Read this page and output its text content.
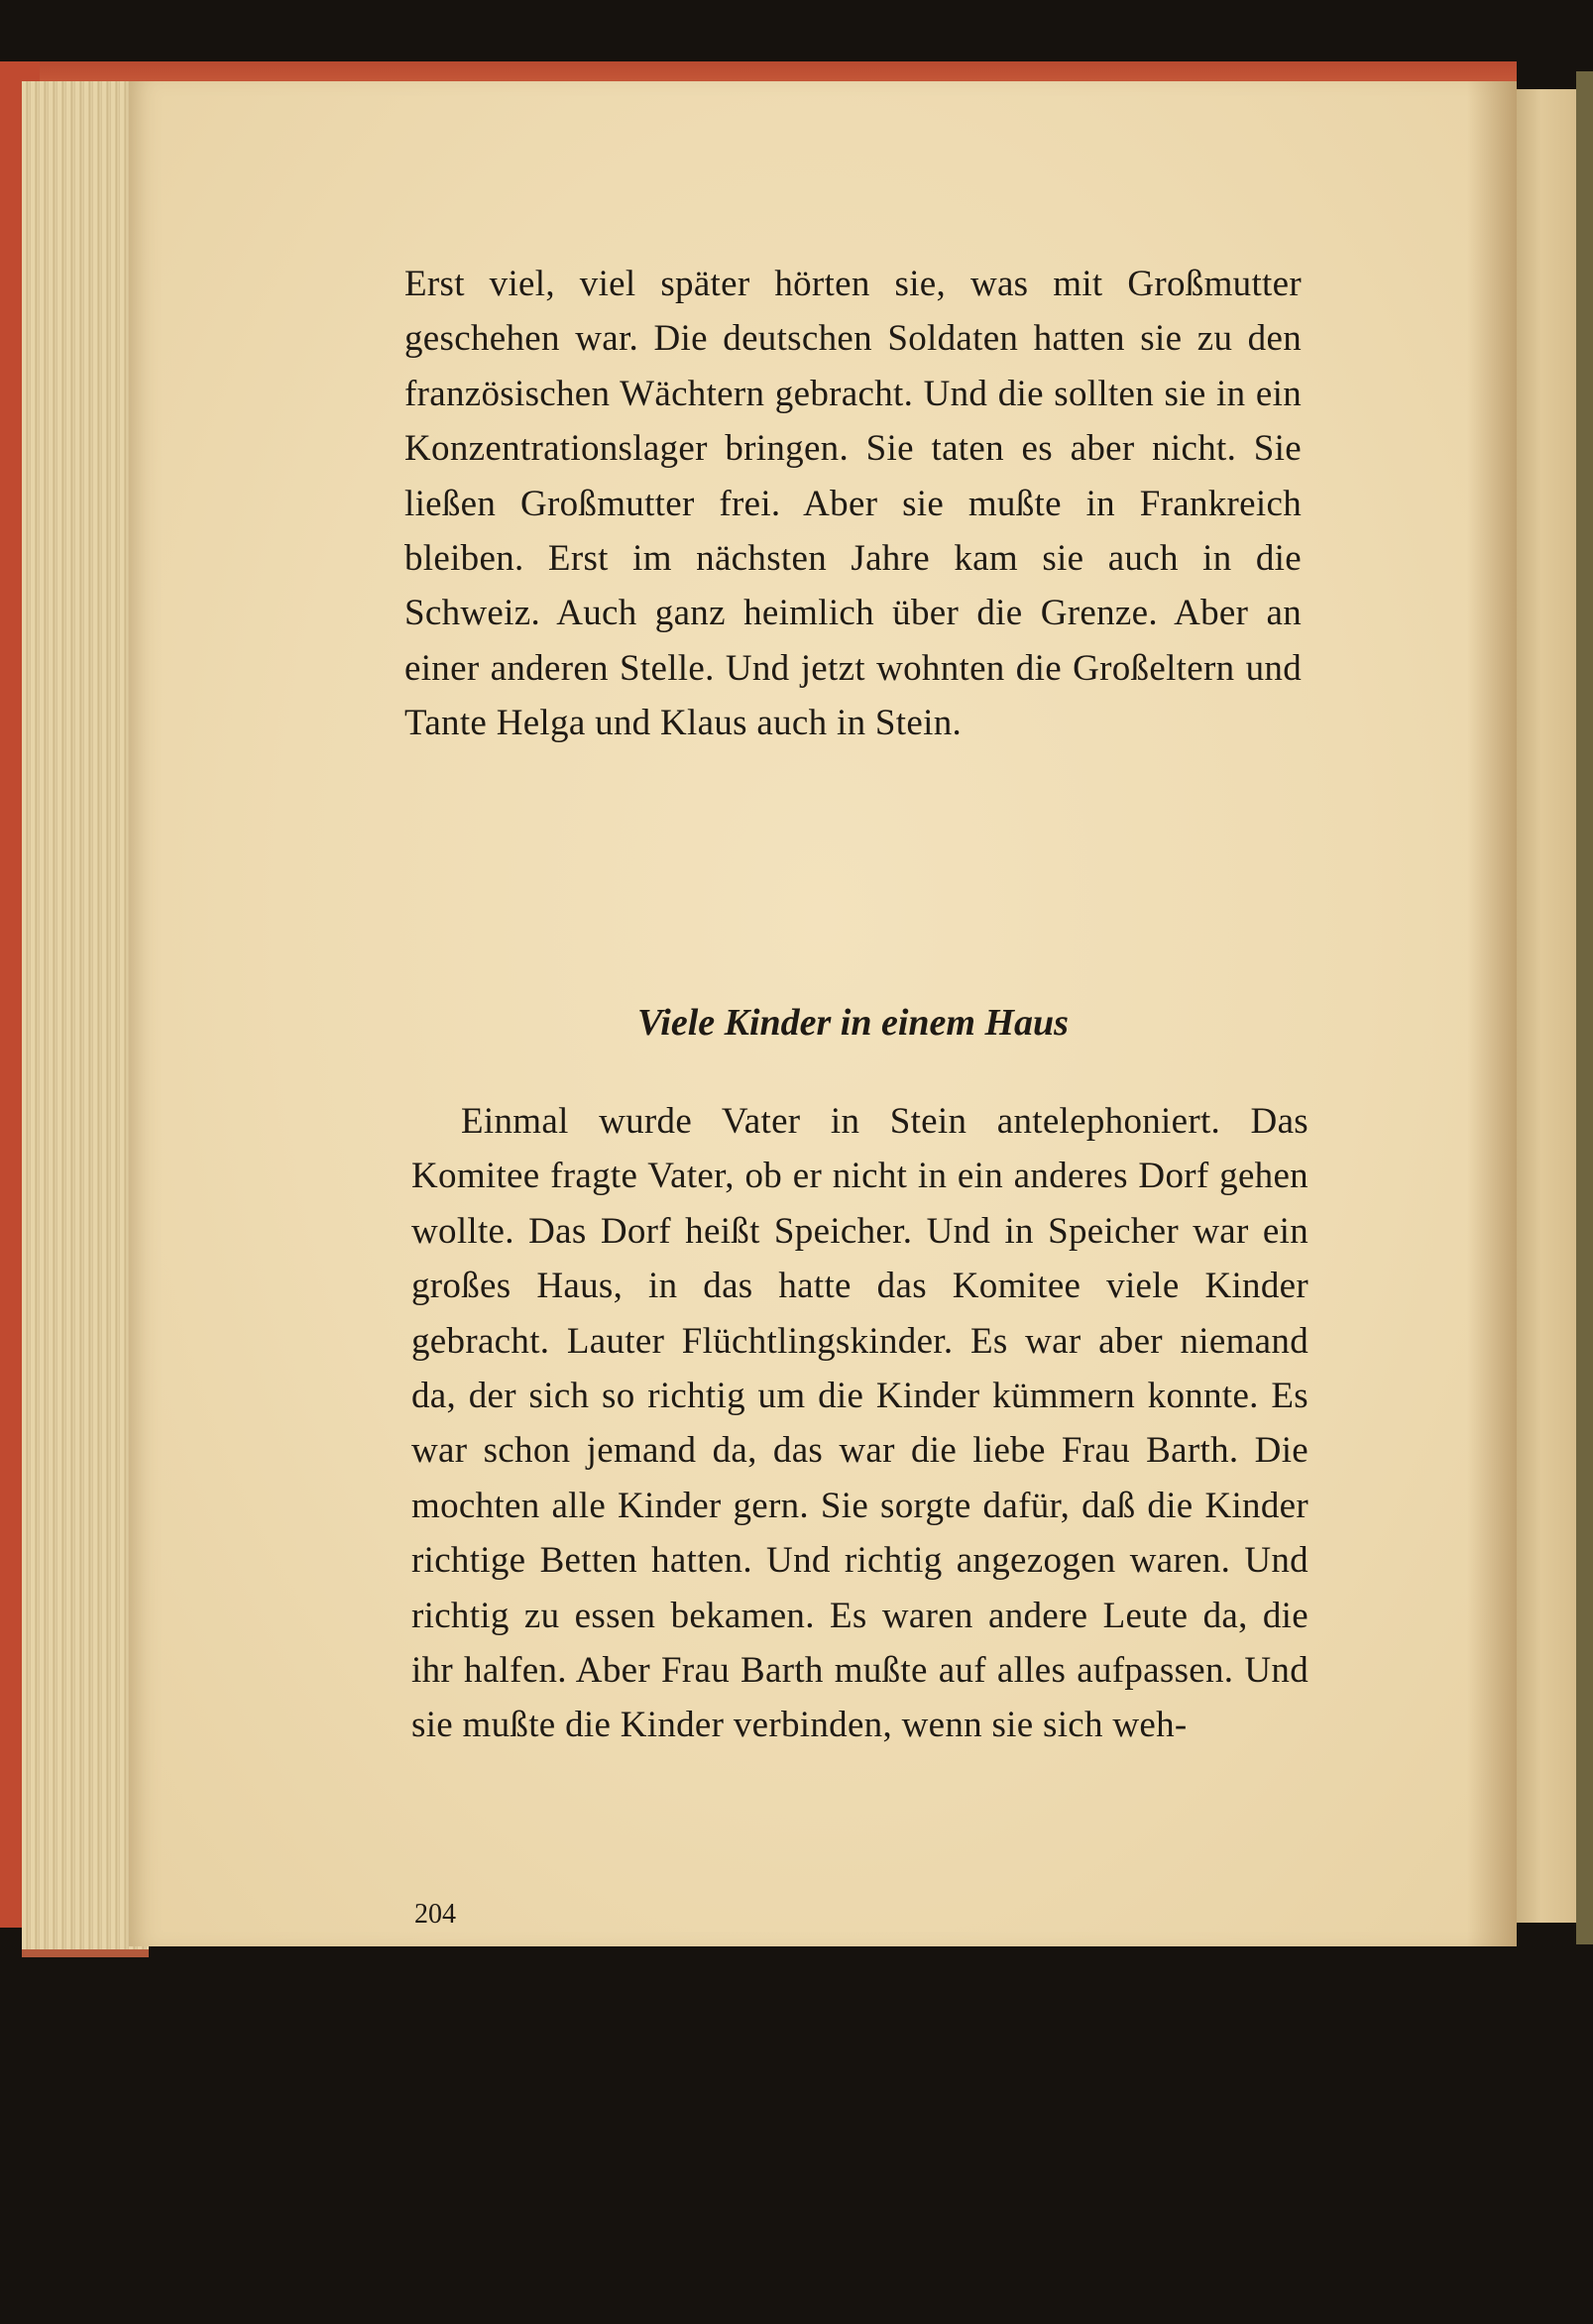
Erst viel, viel später hörten sie, was mit Großmutter geschehen war. Die deutschen Soldaten hatten sie zu den französischen Wächtern gebracht. Und die sollten sie in ein Konzentrationslager bringen. Sie taten es aber nicht. Sie ließen Großmutter frei. Aber sie mußte in Frankreich bleiben. Erst im nächsten Jahre kam sie auch in die Schweiz. Auch ganz heimlich über die Grenze. Aber an einer anderen Stelle. Und jetzt wohnten die Großeltern und Tante Helga und Klaus auch in Stein.

Viele Kinder in einem Haus

Einmal wurde Vater in Stein antelephoniert. Das Komitee fragte Vater, ob er nicht in ein anderes Dorf gehen wollte. Das Dorf heißt Speicher. Und in Speicher war ein großes Haus, in das hatte das Komitee viele Kinder gebracht. Lauter Flüchtlingskinder. Es war aber niemand da, der sich so richtig um die Kinder kümmern konnte. Es war schon jemand da, das war die liebe Frau Barth. Die mochten alle Kinder gern. Sie sorgte dafür, daß die Kinder richtige Betten hatten. Und richtig angezogen waren. Und richtig zu essen bekamen. Es waren andere Leute da, die ihr halfen. Aber Frau Barth mußte auf alles aufpassen. Und sie mußte die Kinder verbinden, wenn sie sich weh-

204
